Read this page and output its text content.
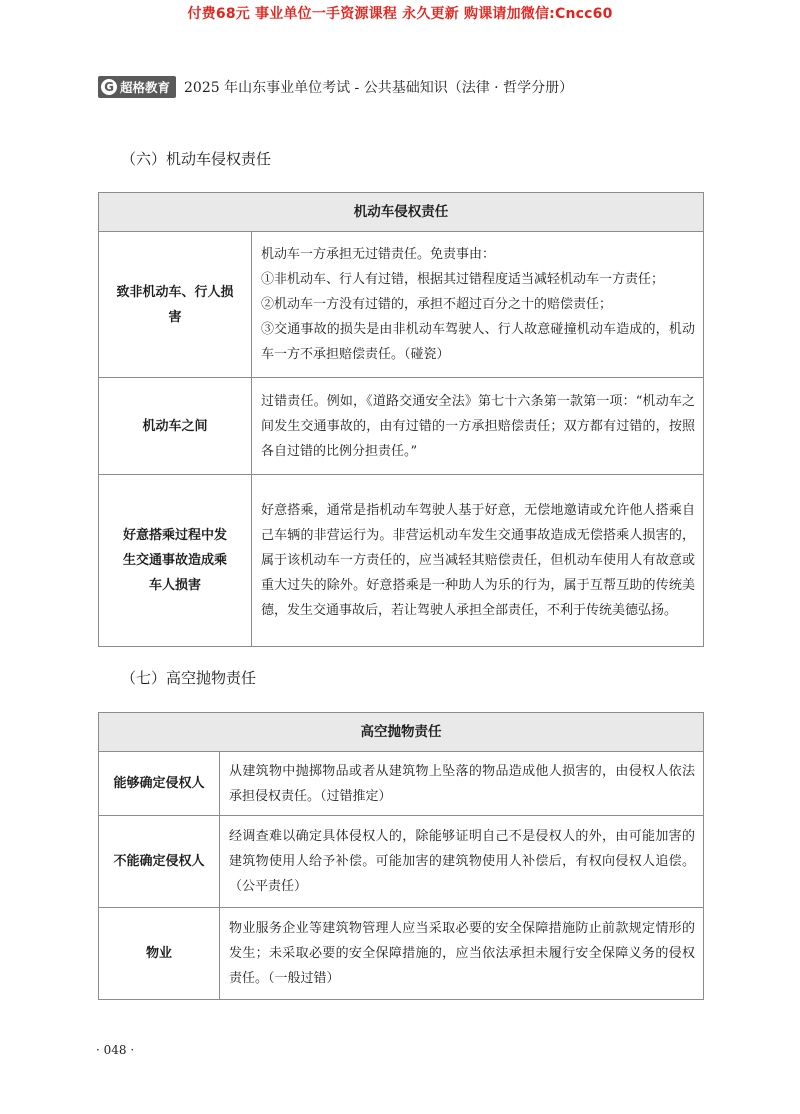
付费68元 事业单位一手资源课程 永久更新 购课请加微信:Cncc60
G 超格教育 2025 年山东事业单位考试 - 公共基础知识（法律 · 哲学分册）
（六）机动车侵权责任
机动车侵权责任	
致非机动车、行人损害	机动车一方承担无过错责任。免责事由：
①非机动车、行人有过错，根据其过错程度适当减轻机动车一方责任；
②机动车一方没有过错的，承担不超过百分之十的赔偿责任；
③交通事故的损失是由非机动车驾驶人、行人故意碰撞机动车造成的，机动车一方不承担赔偿责任。（碰瓷）

机动车之间	过错责任。例如，《道路交通安全法》第七十六条第一款第一项：“机动车之间发生交通事故的，由有过错的一方承担赔偿责任；双方都有过错的，按照各自过错的比例分担责任。”

好意搭乘过程中发生交通事故造成乘车人损害	好意搭乘，通常是指机动车驾驶人基于好意，无偿地邀请或允许他人搭乘自己车辆的非营运行为。非营运机动车发生交通事故造成无偿搭乘人损害的，属于该机动车一方责任的，应当减轻其赔偿责任，但机动车使用人有故意或重大过失的除外。好意搭乘是一种助人为乐的行为，属于互帮互助的传统美德，发生交通事故后，若让驾驶人承担全部责任，不利于传统美德弘扬。
（七）高空抛物责任
高空抛物责任	
能够确定侵权人	从建筑物中抛掷物品或者从建筑物上坠落的物品造成他人损害的，由侵权人依法承担侵权责任。（过错推定）

不能确定侵权人	经调查难以确定具体侵权人的，除能够证明自己不是侵权人的外，由可能加害的建筑物使用人给予补偿。可能加害的建筑物使用人补偿后，有权向侵权人追偿。（公平责任）

物业	物业服务企业等建筑物管理人应当采取必要的安全保障措施防止前款规定情形的发生；未采取必要的安全保障措施的，应当依法承担未履行安全保障义务的侵权责任。（一般过错）
· 048 ·
